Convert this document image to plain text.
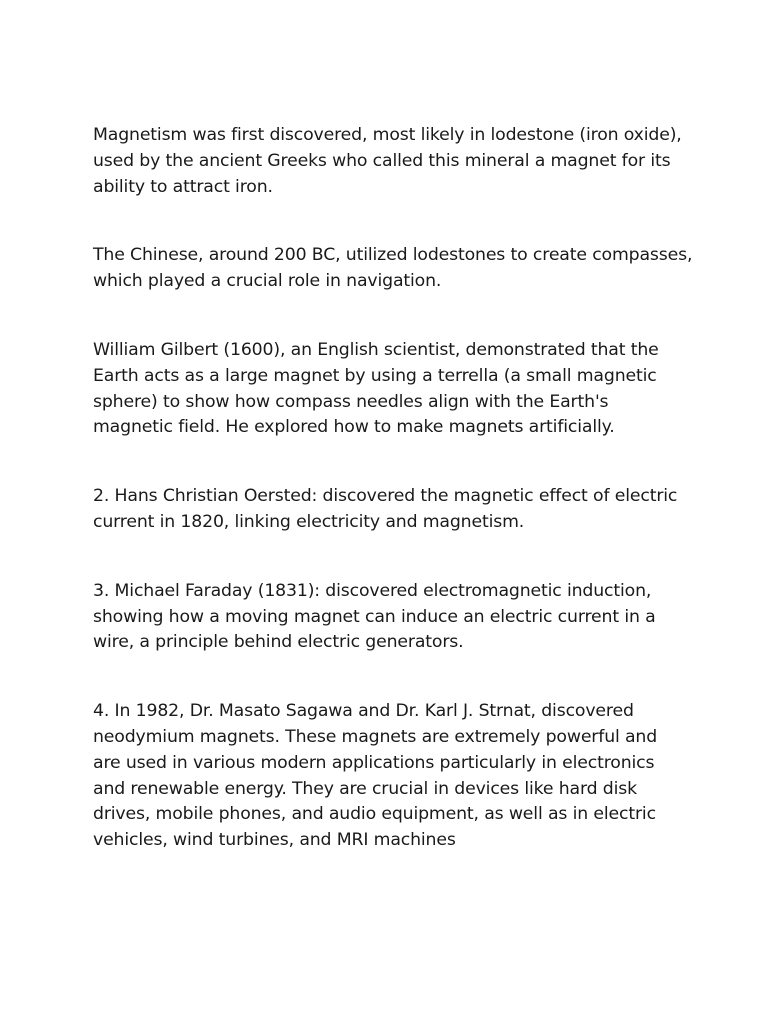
Magnetism was first discovered, most likely in lodestone (iron oxide),
used by the ancient Greeks who called this mineral a magnet for its
ability to attract iron.

The Chinese, around 200 BC, utilized lodestones to create compasses,
which played a crucial role in navigation.

William Gilbert (1600), an English scientist, demonstrated that the
Earth acts as a large magnet by using a terrella (a small magnetic
sphere) to show how compass needles align with the Earth's
magnetic field. He explored how to make magnets artificially.

2. Hans Christian Oersted: discovered the magnetic effect of electric
current in 1820, linking electricity and magnetism.

3. Michael Faraday (1831): discovered electromagnetic induction,
showing how a moving magnet can induce an electric current in a
wire, a principle behind electric generators.

4. In 1982, Dr. Masato Sagawa and Dr. Karl J. Strnat, discovered
neodymium magnets. These magnets are extremely powerful and
are used in various modern applications particularly in electronics
and renewable energy. They are crucial in devices like hard disk
drives, mobile phones, and audio equipment, as well as in electric
vehicles, wind turbines, and MRI machines
